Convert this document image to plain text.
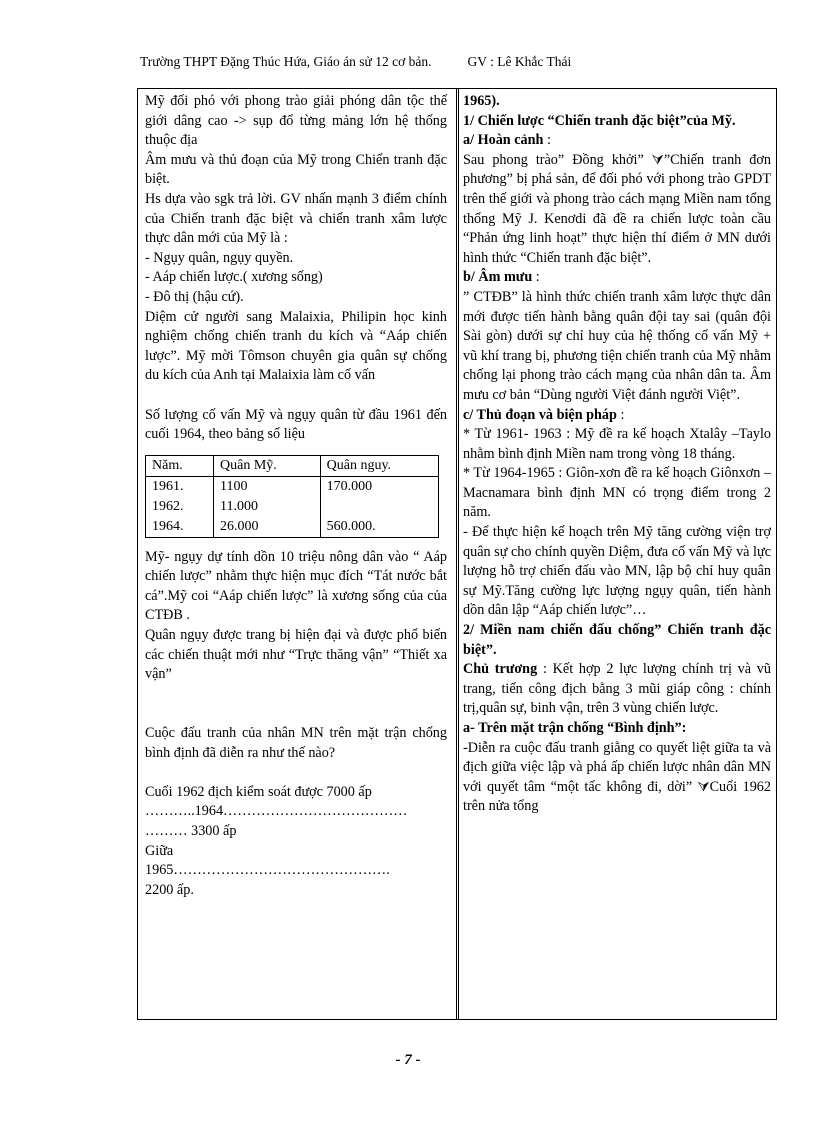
Trường THPT Đặng Thúc Hứa, Giáo án sử 12 cơ bản.	GV : Lê Khắc Thái

Mỹ đối phó với phong trào giải phóng dân tộc thế giới dâng cao -> sụp đổ từng mảng lớn hệ thống thuộc địa

Âm mưu và thủ đoạn của Mỹ trong Chiến tranh đặc biệt.

Hs dựa vào sgk trả lời. GV nhấn mạnh 3 điểm chính của Chiến tranh đặc biệt và chiến tranh xâm lược thực dân mới của Mỹ là :

- Ngụy quân, ngụy quyền.

- Aáp chiến lược.( xương sống)

- Đô thị (hậu cứ).

Diệm cử người sang Malaixia, Philipin học kinh nghiệm chống chiến tranh du kích và “Aáp chiến lược”. Mỹ mời Tômson chuyên gia quân sự chống du kích của Anh tại Malaixia làm cố vấn

Số lượng cố vấn Mỹ và ngụy quân từ đầu 1961 đến cuối 1964, theo bảng số liệu

Năm.	Quân Mỹ.	Quân nguy.
1961.	1100	170.000
1962.	11.000	
1964.	26.000	560.000.

Mỹ- ngụy dự tính dồn 10 triệu nông dân vào “ Aáp chiến lược” nhằm thực hiện mục đích “Tát nước bắt cá”.Mỹ coi “Aáp chiến lược” là xương sống của của CTĐB .

Quân ngụy được trang bị hiện đại và được phổ biến các chiến thuật mới như “Trực thăng vận” “Thiết xa vận”

Cuộc đấu tranh của nhân MN trên mặt trận chống bình định đã diễn ra như thế nào?

Cuối 1962 địch kiểm soát được 7000 ấp

………..1964…………………………………

……… 3300 ấp

Giữa

1965……………………………………….

2200 ấp.

1965).

1/ Chiến lược “Chiến tranh đặc biệt”của Mỹ.

a/ Hoàn cảnh :

Sau phong trào” Đồng khởi” ⮛”Chiến tranh đơn phương” bị phá sản, để đối phó với phong trào GPDT trên thế giới và phong trào cách mạng Miền nam tổng thống Mỹ J. Kenơdi đã đề ra chiến lược toàn cầu “Phản ứng linh hoạt” thực hiện thí điểm ở MN dưới hình thức “Chiến tranh đặc biệt”.

b/ Âm mưu :

” CTĐB” là hình thức chiến tranh xâm lược thực dân mới được tiến hành bằng quân đội tay sai (quân đội Sài gòn) dưới sự chỉ huy của hệ thống cố vấn Mỹ + vũ khí trang bị, phương tiện chiến tranh của Mỹ nhằm chống lại phong trào cách mạng của nhân dân ta. Âm mưu cơ bản “Dùng người Việt đánh người Việt”.

c/ Thủ đoạn và biện pháp :

* Từ 1961- 1963 : Mỹ đề ra kế hoạch Xtalây –Taylo nhằm bình định Miền nam trong vòng 18 tháng.

* Từ 1964-1965 : Giôn-xơn đề ra kế hoạch Giônxơn –Macnamara bình định MN có trọng điểm trong 2 năm.

- Để thực hiện kế hoạch trên Mỹ tăng cường viện trợ quân sự cho chính quyền Diệm, đưa cố vấn Mỹ và lực lượng hỗ trợ chiến đấu vào MN, lập bộ chỉ huy quân sự Mỹ.Tăng cường lực lượng ngụy quân, tiến hành dồn dân lập “Aáp chiến lược”…

2/ Miền nam chiến đấu chống” Chiến tranh đặc biệt”.

Chủ trương : Kết hợp 2 lực lượng chính trị và vũ trang, tiến công địch bằng 3 mũi giáp công : chính trị,quân sự, binh vận, trên 3 vùng chiến lược.

a- Trên mặt trận chống “Bình định”:

-Diễn ra cuộc đấu tranh giằng co quyết liệt giữa ta và địch giữa việc lập và phá ấp chiến lược nhân dân MN với quyết tâm “một tấc không đi, dời” ⮛Cuối 1962 trên nửa tổng

- 7 -
